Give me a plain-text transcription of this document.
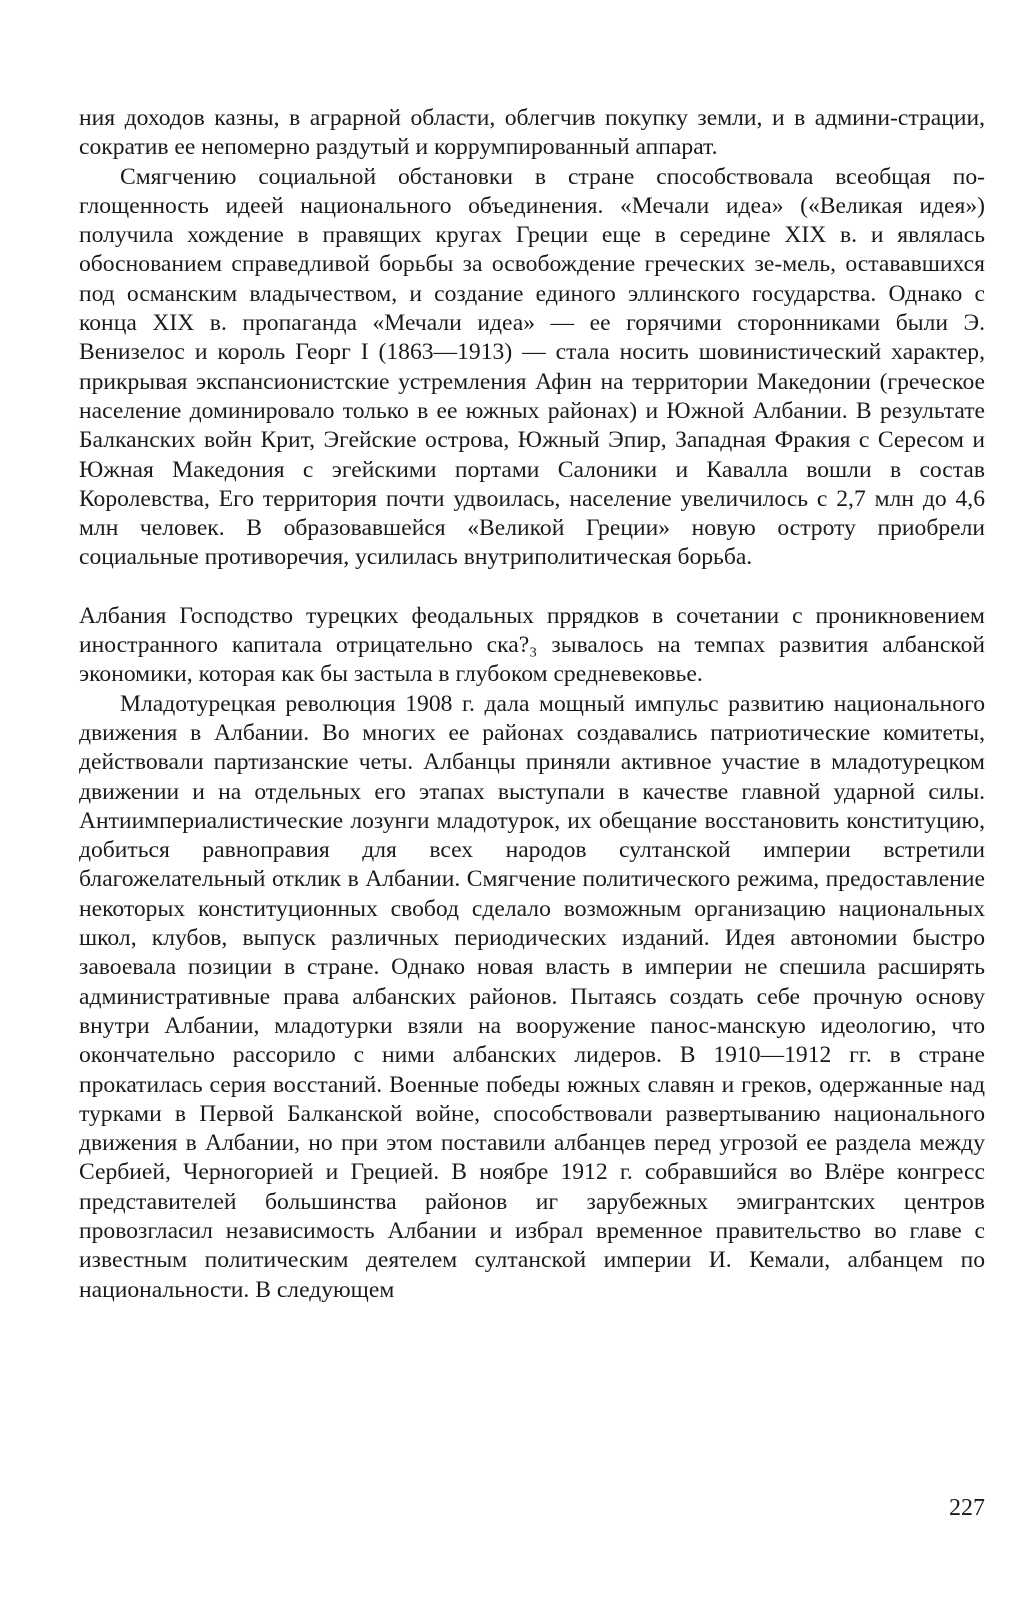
ния доходов казны, в аграрной области, облегчив покупку земли, и в админи-страции, сократив ее непомерно раздутый и коррумпированный аппарат.

Смягчению социальной обстановки в стране способствовала всеобщая по-глощенность идеей национального объединения. «Мечали идеа» («Великая идея») получила хождение в правящих кругах Греции еще в середине XIX в. и являлась обоснованием справедливой борьбы за освобождение греческих зе-мель, остававшихся под османским владычеством, и создание единого эллинского государства. Однако с конца XIX в. пропаганда «Мечали идеа» — ее горячими сторонниками были Э. Венизелос и король Георг I (1863—1913) — стала носить шовинистический характер, прикрывая экспансионистские устремления Афин на территории Македонии (греческое население доминировало только в ее южных районах) и Южной Албании. В результате Балканских войн Крит, Эгейские острова, Южный Эпир, Западная Фракия с Сересом и Южная Македония с эгейскими портами Салоники и Кавалла вошли в состав Королевства, Его территория почти удвоилась, население увеличилось с 2,7 млн до 4,6 млн человек. В образовавшейся «Великой Греции» новую остроту приобрели социальные противоречия, усилилась внутриполитическая борьба.

Албания Господство турецких феодальных пррядков в сочетании с проникновением иностранного капитала отрицательно ска?₃ зывалось на темпах развития албанской экономики, которая как бы застыла в глубоком средневековье.

Младотурецкая революция 1908 г. дала мощный импульс развитию национального движения в Албании. Во многих ее районах создавались патриотические комитеты, действовали партизанские четы. Албанцы приняли активное участие в младотурецком движении и на отдельных его этапах выступали в качестве главной ударной силы. Антиимпериалистические лозунги младотурок, их обещание восстановить конституцию, добиться равноправия для всех народов султанской империи встретили благожелательный отклик в Албании. Смягчение политического режима, предоставление некоторых конституционных свобод сделало возможным организацию национальных школ, клубов, выпуск различных периодических изданий. Идея автономии быстро завоевала позиции в стране. Однако новая власть в империи не спешила расширять административные права албанских районов. Пытаясь создать себе прочную основу внутри Албании, младотурки взяли на вооружение панос-манскую идеологию, что окончательно рассорило с ними албанских лидеров. В 1910—1912 гг. в стране прокатилась серия восстаний. Военные победы южных славян и греков, одержанные над турками в Первой Балканской войне, способствовали развертыванию национального движения в Албании, но при этом поставили албанцев перед угрозой ее раздела между Сербией, Черногорией и Грецией. В ноябре 1912 г. собравшийся во Влёре конгресс представителей большинства районов иг зарубежных эмигрантских центров провозгласил независимость Албании и избрал временное правительство во главе с известным политическим деятелем султанской империи И. Кемали, албанцем по национальности. В следующем

227
